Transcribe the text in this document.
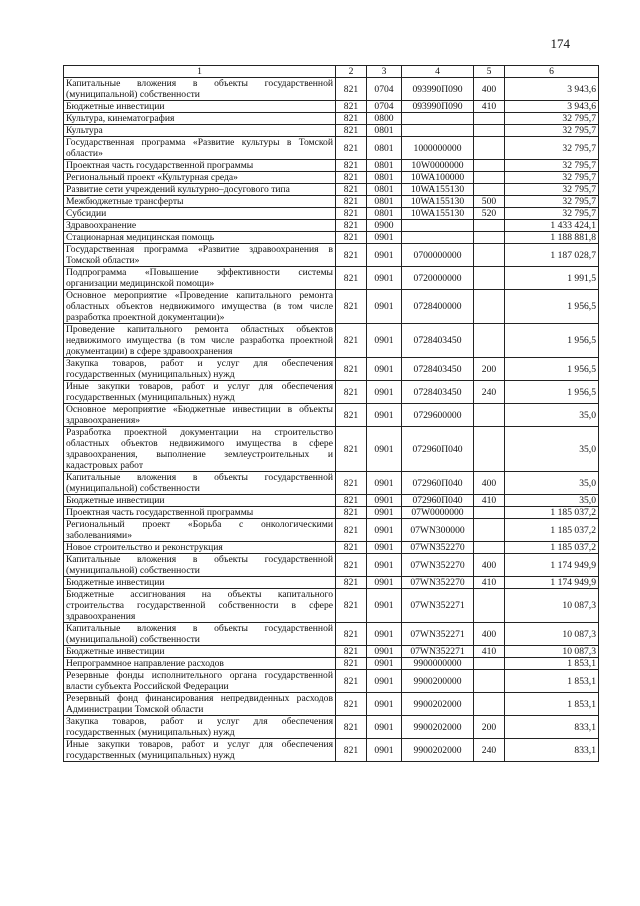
174
1	2	3	4	5	6
Капитальные вложения в объекты государственной (муниципальной) собственности	821	0704	093990П090	400	3 943,6
Бюджетные инвестиции	821	0704	093990П090	410	3 943,6
Культура, кинематография	821	0800			32 795,7
Культура	821	0801			32 795,7
Государственная программа «Развитие культуры в Томской области»	821	0801	1000000000		32 795,7
Проектная часть государственной программы	821	0801	10W0000000		32 795,7
Региональный проект «Культурная среда»	821	0801	10WA100000		32 795,7
Развитие сети учреждений культурно–досугового типа	821	0801	10WA155130		32 795,7
Межбюджетные трансферты	821	0801	10WA155130	500	32 795,7
Субсидии	821	0801	10WA155130	520	32 795,7
Здравоохранение	821	0900			1 433 424,1
Стационарная медицинская помощь	821	0901			1 188 881,8
Государственная программа «Развитие здравоохранения в Томской области»	821	0901	0700000000		1 187 028,7
Подпрограмма «Повышение эффективности системы организации медицинской помощи»	821	0901	0720000000		1 991,5
Основное мероприятие «Проведение капитального ремонта областных объектов недвижимого имущества (в том числе разработка проектной документации)»	821	0901	0728400000		1 956,5
Проведение капитального ремонта областных объектов недвижимого имущества (в том числе разработка проектной документации) в сфере здравоохранения	821	0901	0728403450		1 956,5
Закупка товаров, работ и услуг для обеспечения государственных (муниципальных) нужд	821	0901	0728403450	200	1 956,5
Иные закупки товаров, работ и услуг для обеспечения государственных (муниципальных) нужд	821	0901	0728403450	240	1 956,5
Основное мероприятие «Бюджетные инвестиции в объекты здравоохранения»	821	0901	0729600000		35,0
Разработка проектной документации на строительство областных объектов недвижимого имущества в сфере здравоохранения, выполнение землеустроительных и кадастровых работ	821	0901	072960П040		35,0
Капитальные вложения в объекты государственной (муниципальной) собственности	821	0901	072960П040	400	35,0
Бюджетные инвестиции	821	0901	072960П040	410	35,0
Проектная часть государственной программы	821	0901	07W0000000		1 185 037,2
Региональный проект «Борьба с онкологическими заболеваниями»	821	0901	07WN300000		1 185 037,2
Новое строительство и реконструкция	821	0901	07WN352270		1 185 037,2
Капитальные вложения в объекты государственной (муниципальной) собственности	821	0901	07WN352270	400	1 174 949,9
Бюджетные инвестиции	821	0901	07WN352270	410	1 174 949,9
Бюджетные ассигнования на объекты капитального строительства государственной собственности в сфере здравоохранения	821	0901	07WN352271		10 087,3
Капитальные вложения в объекты государственной (муниципальной) собственности	821	0901	07WN352271	400	10 087,3
Бюджетные инвестиции	821	0901	07WN352271	410	10 087,3
Непрограммное направление расходов	821	0901	9900000000		1 853,1
Резервные фонды исполнительного органа государственной власти субъекта Российской Федерации	821	0901	9900200000		1 853,1
Резервный фонд финансирования непредвиденных расходов Администрации Томской области	821	0901	9900202000		1 853,1
Закупка товаров, работ и услуг для обеспечения государственных (муниципальных) нужд	821	0901	9900202000	200	833,1
Иные закупки товаров, работ и услуг для обеспечения государственных (муниципальных) нужд	821	0901	9900202000	240	833,1
